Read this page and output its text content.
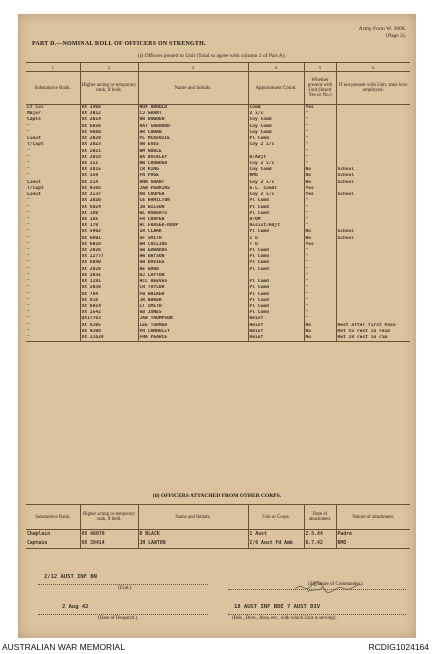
Army Form W. 3008.
(Page 2).
PART D.—NOMINAL ROLL OF OFFICERS ON STRENGTH.
(i) Officers posted to Unit (Total to agree with column 2 of Part A).
1	2	3	4	5	6
Substantive Rank.	Higher acting or temporary rank, if held.	Name and Initials.	Appointment Comd.	Whether present with Unit (Insert Yes or No.)	If not present with Unit, state how employed.
Lt Col	VX 1468	NOX ARNOLD	Comd	Yes	
Major	VX 2012	CJ GRANT	2 i/c	"	
Capts	VX 2014	RW DOWDEN	Coy Comd	"	
"	VX 6026	RAT GARWOOD	Coy Comd	"	
"	VX 6060	AR COWAN	Coy Comd	"	
Lieut	VX 2029	PL MCKENZIE	Pl Comd	"	
T/Capt	VX 2023	GW EVES	Coy 2 i/c	"	
"	VX 2021	WM NOBLE		"	
"	VX 2016	BA BUCKLEY	A/Adjt	"	
"	VX 211	HW CROWDER	Coy 2 i/c	"	
"	VX 2015	CR KING	Coy Comd	No	School
"	VX 159	FN PAGE	RMO	No	School
Lieut	VX 214	ANN GRANT	Coy 2 i/c	No	School
T/Capt	VX 9368	JAW PERKINS	G.L. Comdr	Yes	
Lieut	VX 2137	KW COOPER	Coy 2 i/c	Yes	School
"	VX 2020	CE HAMILTON	Pl Comd	"	
"	VX 6024	JW WILSON	Pl Comd	"	
"	VX 180	WL ROBERTS	Pl Comd	"	
"	VX 185	FR COOPER	A/QM	"	
"	VX 179	HC FRASER-KOOP	Assist/Adjt	"	
"	VX 5902	IR CLARK	Pl Comd	No	School
"	VX 6001	GF SMITH	I O	No	School
"	VX 6018	WH COLLINS	T O	Yes	
"	VX 2026	GW EDWARDS	Pl Comd	"	
"	VX 12777	HW WATSON	Pl Comd	"	
"	VX 6040	GW DAVIES	Pl Comd	"	
"	VX 2028	RE WARD	Pl Comd	"	
"	VX 2035	HJ LAYTON		"	
"	VX 1191	HCC REEVES	Pl Comd	"	
"	VX 2030	CH TAYLOR	Pl Comd	"	
"	VX 704	FW WALKER	Pl Comd	"	
"	VX 616	JR BAKER	Pl Comd	"	
"	VX 6014	LT SMITH	Pl Comd	"	
"	VX 1542	GB JONES	Pl Comd	"	
"	QX17703	JAW THOMPSON	Reinf	"	
"	VX 6105	LEE TURNER	Reinf	No	Rest after first Posn
"	VX 9200	PH CONNOLLY	Reinf	No	Ret to rest in reim
"	VX 11624	FHA PEARCE	Reinf	No	Ret 18 rest in rim
(ii) OFFICERS ATTACHED FROM OTHER CORPS.
Substantive Rank.	Higher acting or temporary rank, if held.	Name and Initials.	Unit or Corps.	Date of attachment.	Nature of attachment.
Chaplain	VX 46070	D BLACK	1 Aust	2.5.44	Padre
Captain	VX 39414	JH LAWTON	2/6 Aust Fd Amb	6.7.42	RMO
2/12 AUST INF BN
(Unit.)
(Signature of Commander.)
2 Aug 42
(Date of Despatch.)
18 AUST INF BDE 7 AUST DIV
(Bde., Divn., Area, etc., with which Unit is serving).
AUSTRALIAN WAR MEMORIAL	RCDIG1024164
